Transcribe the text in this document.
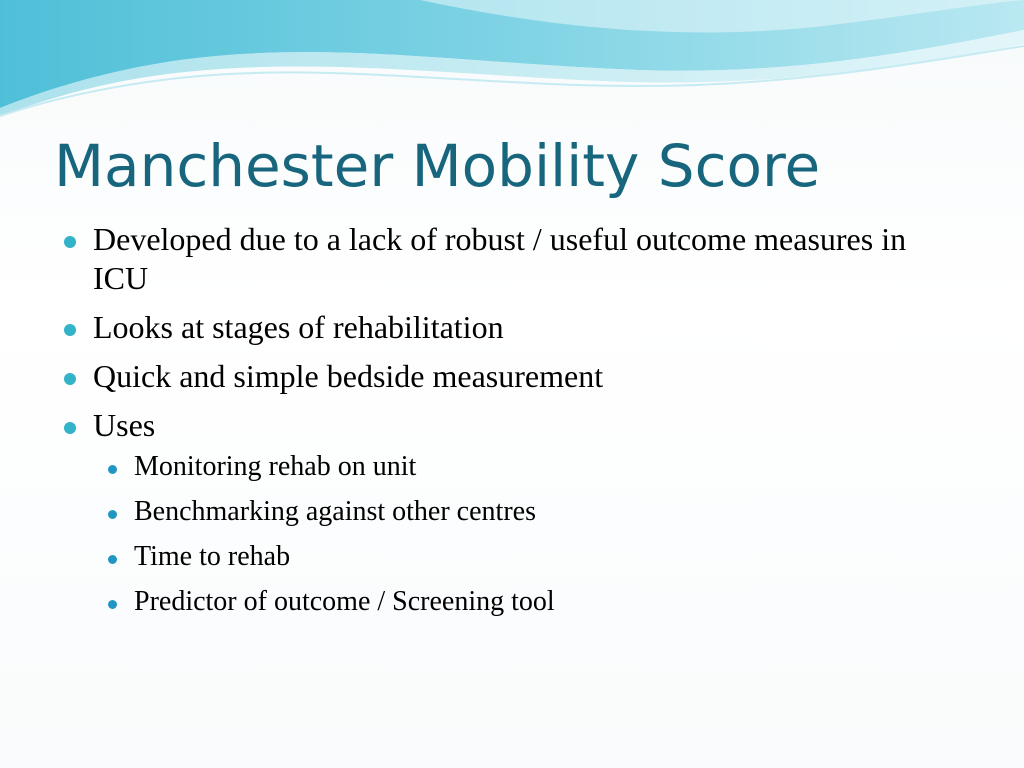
Manchester Mobility Score
Developed due to a lack of robust / useful outcome measures in ICU
Looks at stages of rehabilitation
Quick and simple bedside measurement
Uses
Monitoring rehab on unit
Benchmarking against other centres
Time to rehab
Predictor of outcome / Screening tool
